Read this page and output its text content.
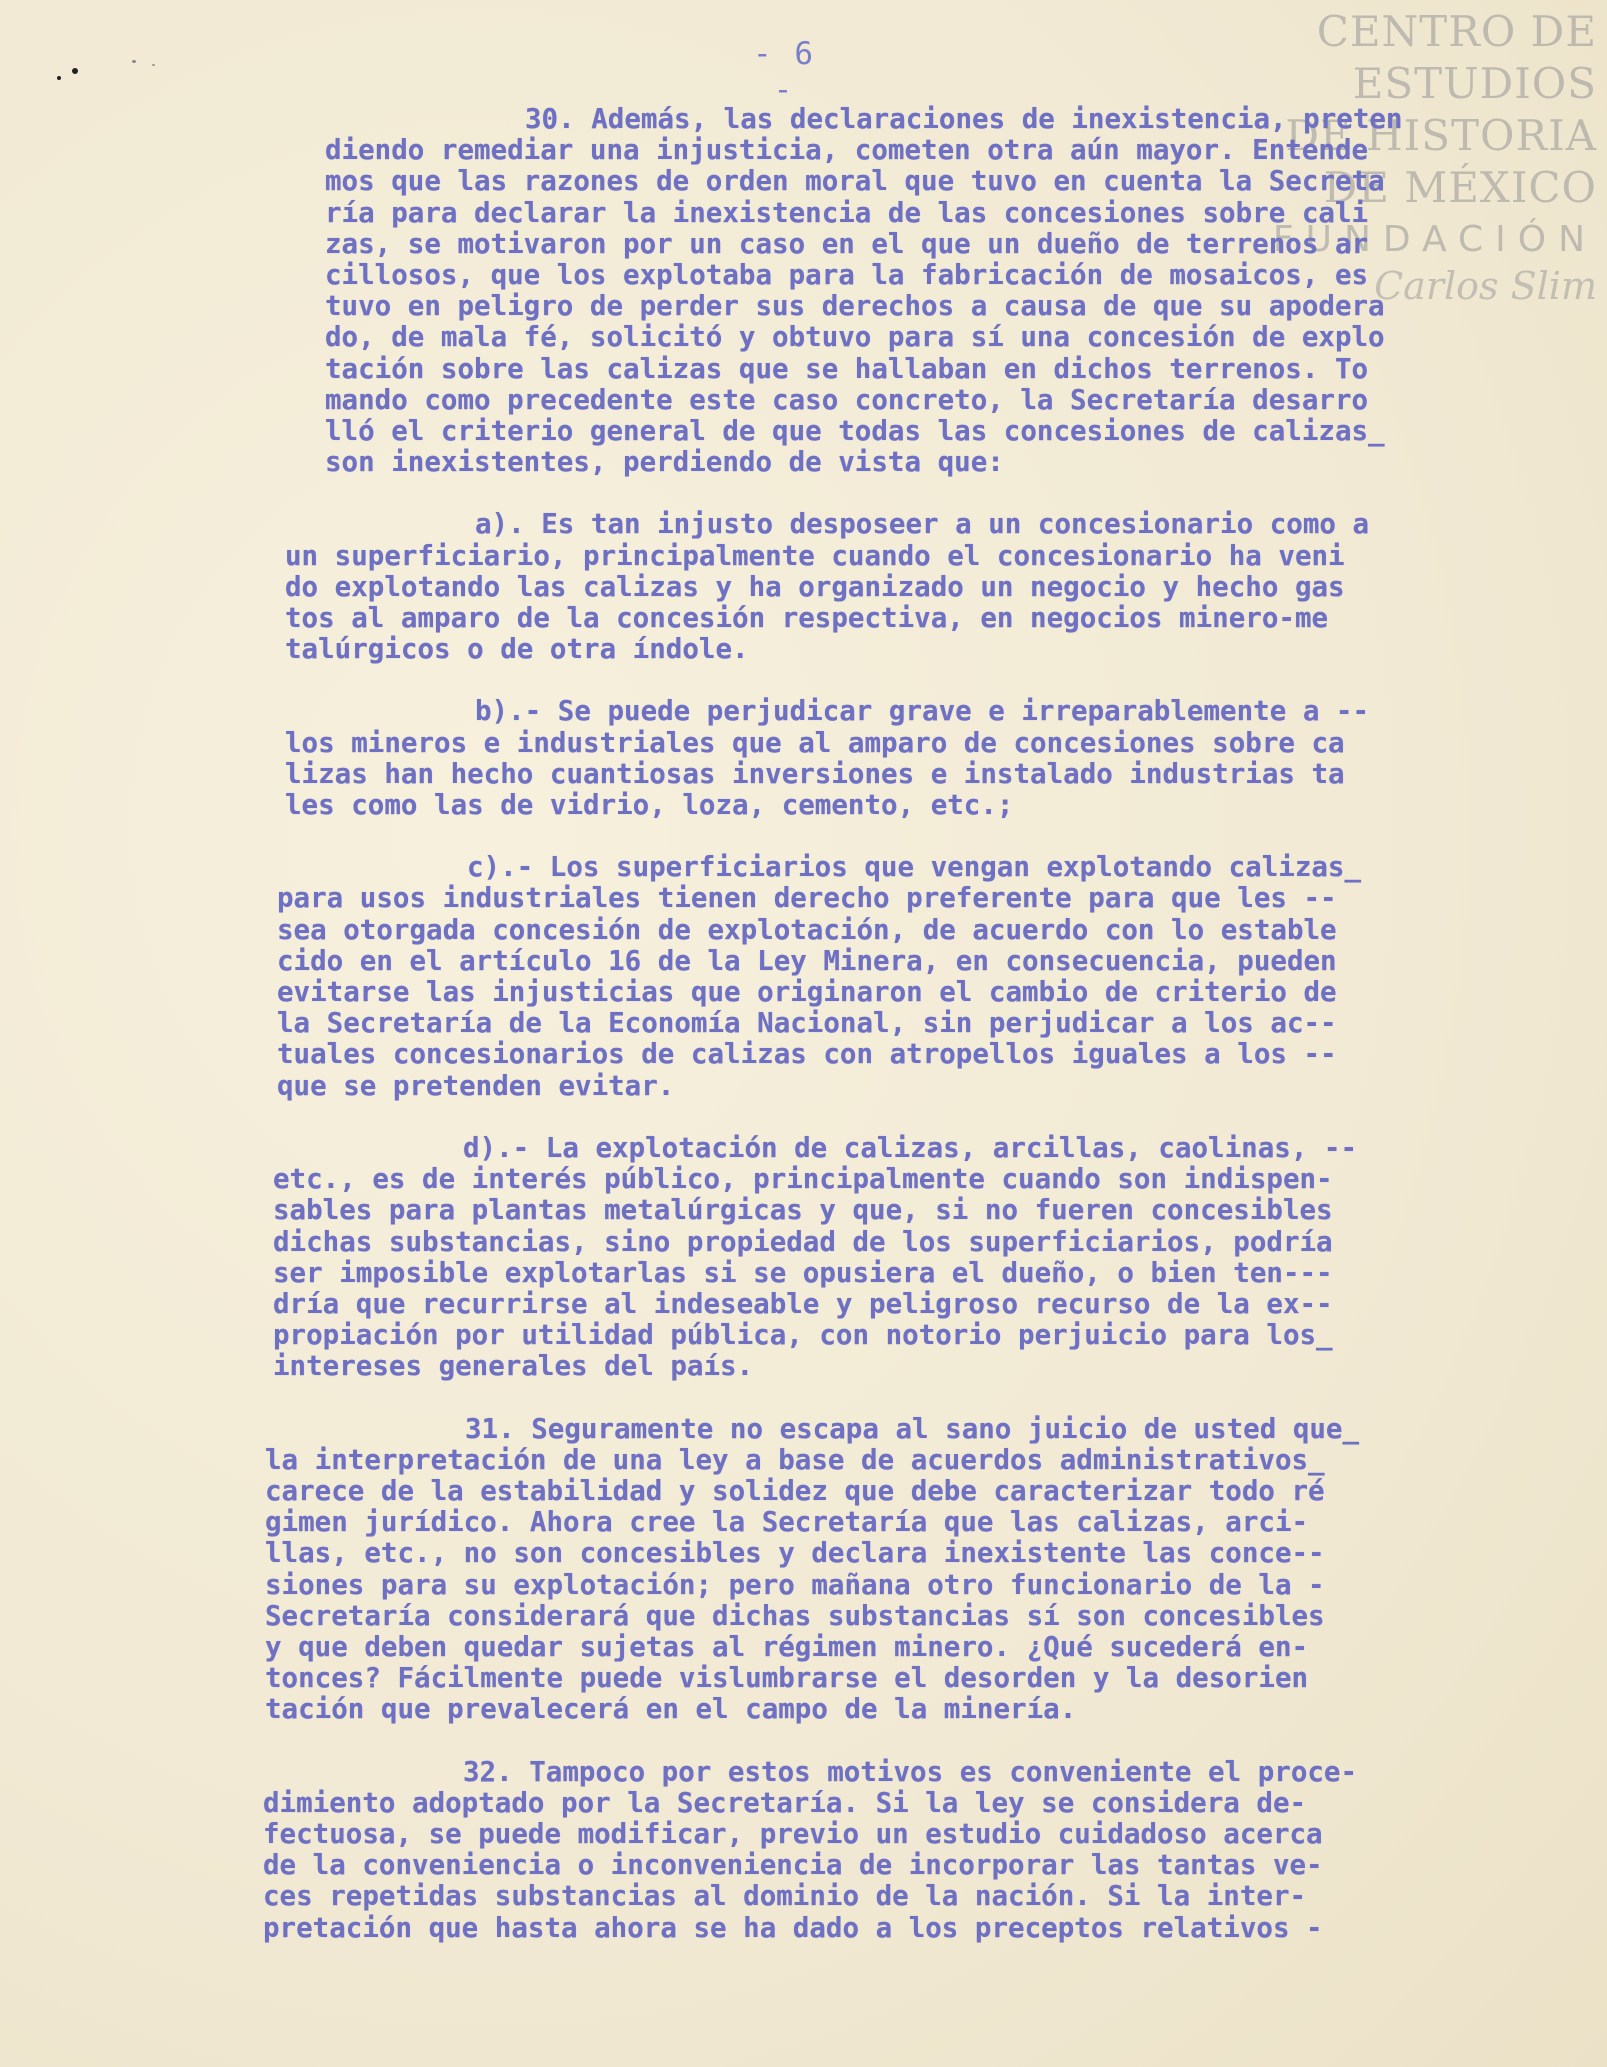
- 6 -
CENTRO DE
ESTUDIOS
DE HISTORIA
DE MÉXICO
FUNDACIÓN
Carlos Slim
30. Además, las declaraciones de inexistencia, preten
diendo remediar una injusticia, cometen otra aún mayor. Entende
mos que las razones de orden moral que tuvo en cuenta la Secreta
ría para declarar la inexistencia de las concesiones sobre cali
zas, se motivaron por un caso en el que un dueño de terrenos ar
cillosos, que los explotaba para la fabricación de mosaicos, es
tuvo en peligro de perder sus derechos a causa de que su apodera
do, de mala fé, solicitó y obtuvo para sí una concesión de explo
tación sobre las calizas que se hallaban en dichos terrenos. To
mando como precedente este caso concreto, la Secretaría desarro
lló el criterio general de que todas las concesiones de calizas_
son inexistentes, perdiendo de vista que:
a). Es tan injusto desposeer a un concesionario como a
un superficiario, principalmente cuando el concesionario ha veni
do explotando las calizas y ha organizado un negocio y hecho gas
tos al amparo de la concesión respectiva, en negocios minero-me
talúrgicos o de otra índole.
b).- Se puede perjudicar grave e irreparablemente a --
los mineros e industriales que al amparo de concesiones sobre ca
lizas han hecho cuantiosas inversiones e instalado industrias ta
les como las de vidrio, loza, cemento, etc.;
c).- Los superficiarios que vengan explotando calizas_
para usos industriales tienen derecho preferente para que les --
sea otorgada concesión de explotación, de acuerdo con lo estable
cido en el artículo 16 de la Ley Minera, en consecuencia, pueden
evitarse las injusticias que originaron el cambio de criterio de
la Secretaría de la Economía Nacional, sin perjudicar a los ac--
tuales concesionarios de calizas con atropellos iguales a los --
que se pretenden evitar.
d).- La explotación de calizas, arcillas, caolinas, --
etc., es de interés público, principalmente cuando son indispen-
sables para plantas metalúrgicas y que, si no fueren concesibles
dichas substancias, sino propiedad de los superficiarios, podría
ser imposible explotarlas si se opusiera el dueño, o bien ten---
dría que recurrirse al indeseable y peligroso recurso de la ex--
propiación por utilidad pública, con notorio perjuicio para los_
intereses generales del país.
31. Seguramente no escapa al sano juicio de usted que_
la interpretación de una ley a base de acuerdos administrativos_
carece de la estabilidad y solidez que debe caracterizar todo ré
gimen jurídico. Ahora cree la Secretaría que las calizas, arci-
llas, etc., no son concesibles y declara inexistente las conce--
siones para su explotación; pero mañana otro funcionario de la -
Secretaría considerará que dichas substancias sí son concesibles
y que deben quedar sujetas al régimen minero. ¿Qué sucederá en-
tonces? Fácilmente puede vislumbrarse el desorden y la desorien
tación que prevalecerá en el campo de la minería.
32. Tampoco por estos motivos es conveniente el proce-
dimiento adoptado por la Secretaría. Si la ley se considera de-
fectuosa, se puede modificar, previo un estudio cuidadoso acerca
de la conveniencia o inconveniencia de incorporar las tantas ve-
ces repetidas substancias al dominio de la nación. Si la inter-
pretación que hasta ahora se ha dado a los preceptos relativos -
